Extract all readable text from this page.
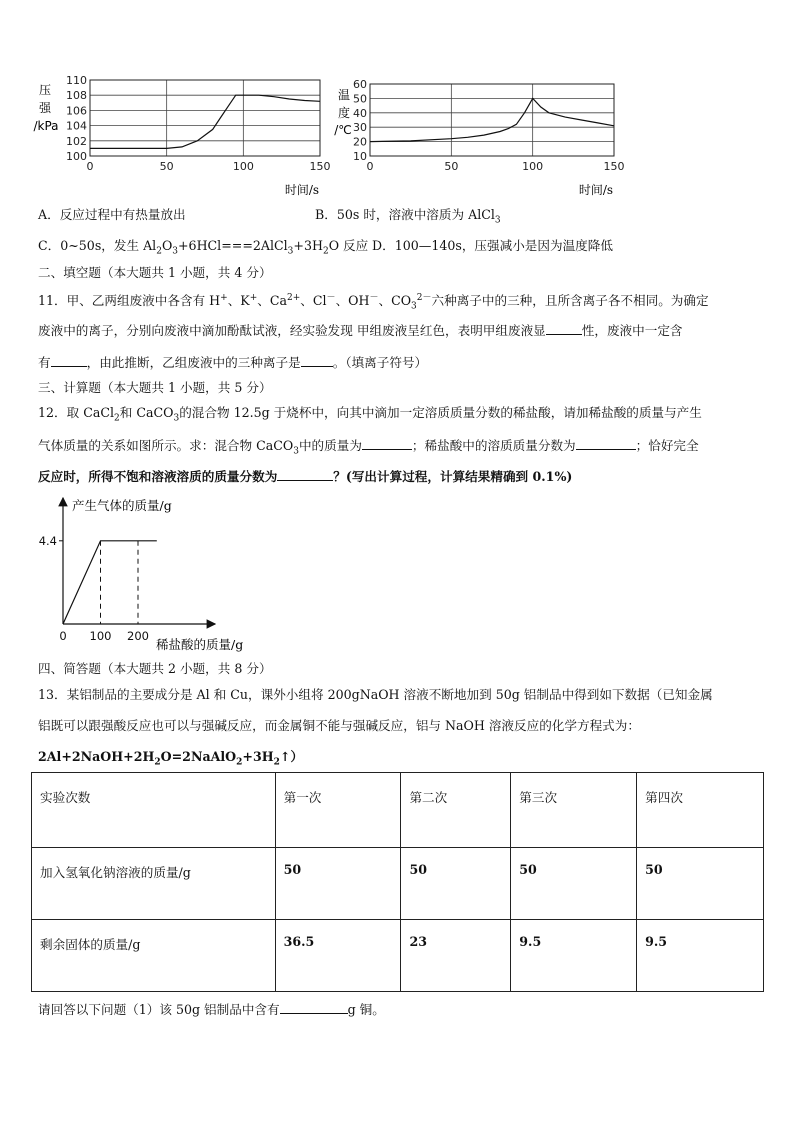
压
强
/kPa
110
108
106
104
102
100
0	50	100	150
时间/s
温
度
/℃
60
50
40
30
20
10
0	50	100	150
时间/s
A．反应过程中有热量放出	B．50s 时，溶液中溶质为 AlCl$_3$
C．0~50s，发生 $Al_2O_3+6HCl===2AlCl_3+3H_2O$ 反应 D．100—140s，压强减小是因为温度降低
二、填空题（本大题共 1 小题，共 4 分）
11．甲、乙两组废液中各含有 H+、K+、$Ca^{2+}$、Cl－、OH－、$CO_3^{2-}$六种离子中的三种，且所含离子各不相同。为确定
废液中的离子，分别向废液中滴加酚酞试液，经实验发现 甲组废液呈红色，表明甲组废液显	性，废液中一定含
有	，由此推断，乙组废液中的三种离子是	。（填离子符号）
三、计算题（本大题共 1 小题，共 5 分）
12．取 CaCl$_2$和 CaCO$_3$的混合物 12.5g 于烧杯中，向其中滴加一定溶质质量分数的稀盐酸，请加稀盐酸的质量与产生
气体质量的关系如图所示。求：混合物 CaCO$_3$中的质量为	；稀盐酸中的溶质质量分数为	；恰好完全
反应时，所得不饱和溶液溶质的质量分数为	？(写出计算过程，计算结果精确到 0.1%)
产生气体的质量/g
稀盐酸的质量/g
4.4
0 100 200
四、简答题（本大题共 2 小题，共 8 分）
13．某铝制品的主要成分是 Al 和 Cu，课外小组将 200gNaOH 溶液不断地加到 50g 铝制品中得到如下数据（已知金属
铝既可以跟强酸反应也可以与强碱反应，而金属铜不能与强碱反应，铝与 NaOH 溶液反应的化学方程式为：
$2Al+2NaOH+2H_2O=2NaAlO_2+3H_2↑$）
实验次数	第一次	第二次	第三次	第四次
加入氢氧化钠溶液的质量/g	50	50	50	50
剩余固体的质量/g	36.5	23	9.5	9.5
请回答以下问题（1）该 50g 铝制品中含有	g 铜。
